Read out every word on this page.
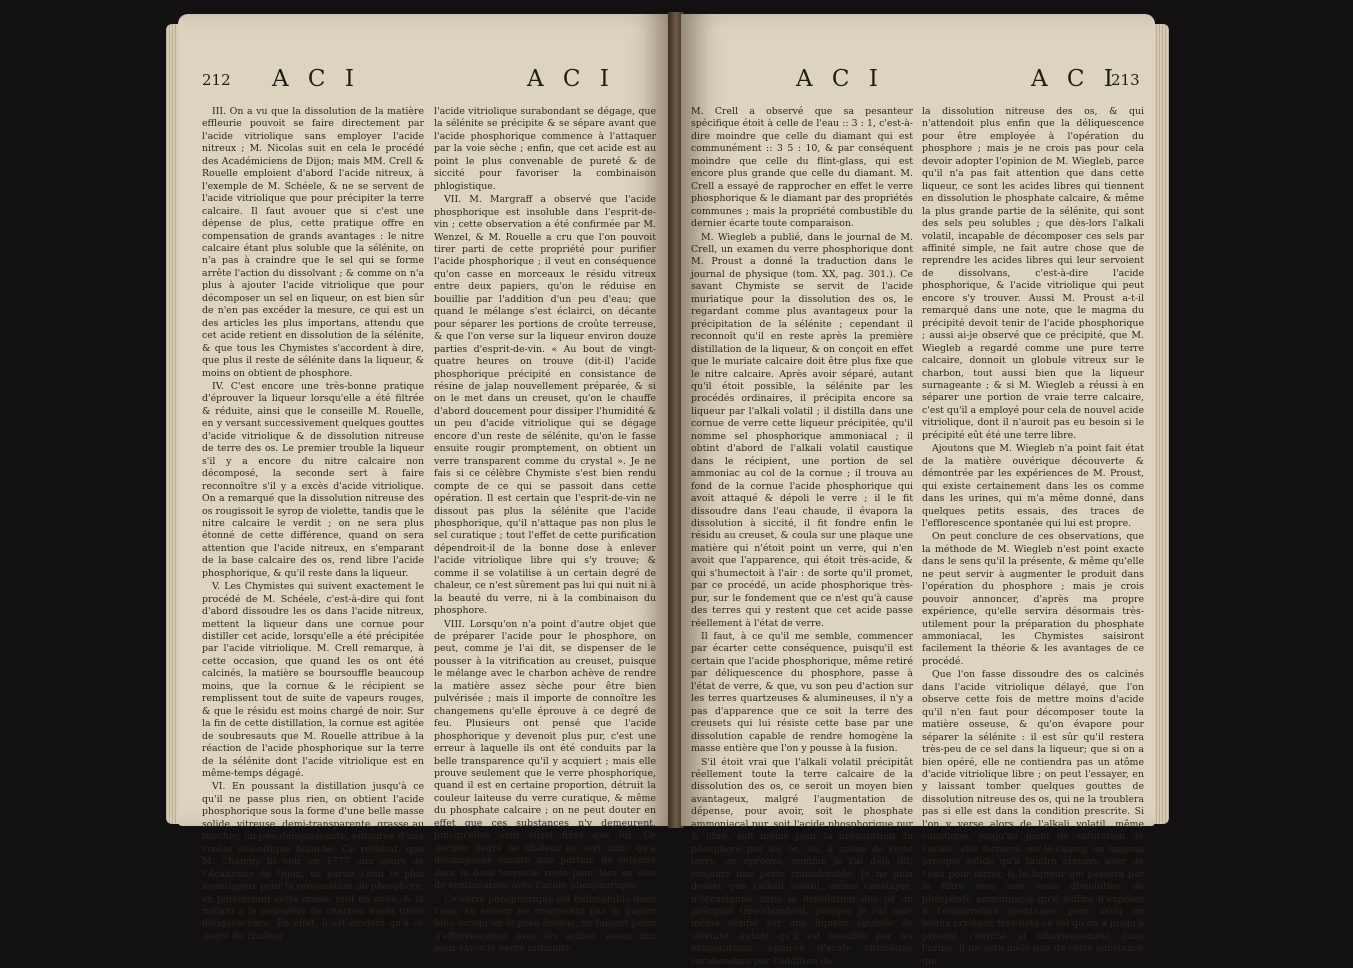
212 A C I	A C I

III. On a vu que la dissolution de la matière effleurie pouvoit se faire directement par l'acide vitriolique sans employer l'acide nitreux ; M. Nicolas suit en cela le procédé des Académiciens de Dijon; mais MM. Crell & Rouelle emploient d'abord l'acide nitreux, à l'exemple de M. Schéele, & ne se servent de l'acide vitriolique que pour précipiter la terre calcaire. Il faut avouer que si c'est une dépense de plus, cette pratique offre en compensation de grands avantages : le nitre calcaire étant plus soluble que la sélénite, on n'a pas à craindre que le sel qui se forme arrête l'action du dissolvant ; & comme on n'a plus à ajouter l'acide vitriolique que pour décomposer un sel en liqueur, on est bien sûr de n'en pas excéder la mesure, ce qui est un des articles les plus importans, attendu que cet acide retient en dissolution de la sélénite, & que tous les Chymistes s'accordent à dire, que plus il reste de sélénite dans la liqueur, & moins on obtient de phosphore.

IV. C'est encore une très-bonne pratique d'éprouver la liqueur lorsqu'elle a été filtrée & réduite, ainsi que le conseille M. Rouelle, en y versant successivement quelques gouttes d'acide vitriolique & de dissolution nitreuse de terre des os. Le premier trouble la liqueur s'il y a encore du nitre calcaire non décomposé, la seconde sert à faire reconnoître s'il y a excès d'acide vitriolique. On a remarqué que la dissolution nitreuse des os rougissoit le syrop de violette, tandis que le nitre calcaire le verdit ; on ne sera plus étonné de cette différence, quand on sera attention que l'acide nitreux, en s'emparant de la base calcaire des os, rend libre l'acide phosphorique, & qu'il reste dans la liqueur.

V. Les Chymistes qui suivent exactement le procédé de M. Schéele, c'est-à-dire qui font d'abord dissoudre les os dans l'acide nitreux, mettent la liqueur dans une cornue pour distiller cet acide, lorsqu'elle a été précipitée par l'acide vitriolique. M. Crell remarque, à cette occasion, que quand les os ont été calcinés, la matière se boursouffle beaucoup moins, que la cornue & le récipient se remplissent tout de suite de vapeurs rouges, & que le résidu est moins chargé de noir. Sur la fin de cette distillation, la cornue est agitée de soubresauts que M. Rouelle attribue à la réaction de l'acide phosphorique sur la terre de la sélénite dont l'acide vitriolique est en même-temps dégagé.

VI. En poussant la distillation jusqu'à ce qu'il ne passe plus rien, on obtient l'acide phosphorique sous la forme d'une belle masse solide, vitreuse, demi-transparente, grasse au toucher, un peu déliquescente, entourée d'une croûte sélénitique blanche. Ce résultat, que M. Champy fit voir en 1777 aux cours de l'Académie de Dijon, ne paroît l'état le plus avantageux pour la préparation du phosphore, en pulvérisant cette masse tout de suite, & la mêlant à la poussière de charbon avant toute déliquescence. En effet, il est évident qu'à ce degré de chaleur

l'acide vitriolique surabondant se dégage, que la sélénite se précipite & se sépare avant que l'acide phosphorique commence à l'attaquer par la voie sèche ; enfin, que cet acide est au point le plus convenable de pureté & de siccité pour favoriser la combinaison phlogistique.

VII. M. Margraff a observé que l'acide phosphorique est insoluble dans l'esprit-de-vin ; cette observation a été confirmée par M. Wenzel, & M. Rouelle a cru que l'on pouvoit tirer parti de cette propriété pour purifier l'acide phosphorique ; il veut en conséquence qu'on casse en morceaux le résidu vitreux entre deux papiers, qu'on le réduise en bouillie par l'addition d'un peu d'eau; que quand le mélange s'est éclairci, on décante pour séparer les portions de croûte terreuse, & que l'on verse sur la liqueur environ douze parties d'esprit-de-vin. « Au bout de vingt-quatre heures on trouve (dit-il) l'acide phosphorique précipité en consistance de résine de jalap nouvellement préparée, & si on le met dans un creuset, qu'on le chauffe d'abord doucement pour dissiper l'humidité & un peu d'acide vitriolique qui se dégage encore d'un reste de sélénite, qu'on le fasse ensuite rougir promptement, on obtient un verre transparent comme du crystal ». Je ne fais si ce célèbre Chymiste s'est bien rendu compte de ce qui se passoit dans cette opération. Il est certain que l'esprit-de-vin ne dissout pas plus la sélénite que l'acide phosphorique, qu'il n'attaque pas non plus le sel curatique ; tout l'effet de cette purification dépendroit-il de la bonne dose à enlever l'acide vitriolique libre qui s'y trouve; & comme il se volatilise à un certain degré de chaleur, ce n'est sûrement pas lui qui nuit ni à la beauté du verre, ni à la combinaison du phosphore.

VIII. Lorsqu'on n'a point d'autre objet que de préparer l'acide pour le phosphore, on peut, comme je l'ai dit, se dispenser de le pousser à la vitrification au creuset, puisque le mélange avec le charbon achève de rendre la matière assez sèche pour être bien pulvérisée ; mais il importe de connoître les changemens qu'elle éprouve à ce degré de feu. Plusieurs ont pensé que l'acide phosphorique y devenoit plus pur, c'est une erreur à laquelle ils ont été conduits par la belle transparence qu'il y acquiert ; mais elle prouve seulement que le verre phosphorique, quand il est en certaine proportion, détruit la couleur laiteuse du verre curatique, & même du phosphate calcaire ; on ne peut douter en effet que ces substances n'y demeurent, puisqu'elles sont aussi fixes que lui. Ce dernier degré de chaleur ne sert donc qu'à décomposer encore une portion de sélénite dont la base terreuse reste pour lors en état de combinaison avec l'acide phosphorique.

Ce verre phosphorique est indissoluble dans l'eau, sa saveur ne rougissant pas le papier bleu lorsqu'on le pose dessus, ne faisant point d'effervescence avec les acides, assez dur pour rayer le verre ordinaire.

A C I	A C I
213

M. Crell a observé que sa pesanteur spécifique étoit à celle de l'eau :: 3 : 1, c'est-à-dire moindre que celle du diamant qui est communément :: 3 5 : 10, & par conséquent moindre que celle du flint-glass, qui est encore plus grande que celle du diamant. M. Crell a essayé de rapprocher en effet le verre phosphorique & le diamant par des propriétés communes ; mais la propriété combustible du dernier écarte toute comparaison.

M. Wiegleb a publié, dans le journal de M. Crell, un examen du verre phosphorique dont M. Proust a donné la traduction dans le journal de physique (tom. XX, pag. 301.). Ce savant Chymiste se servit de l'acide muriatique pour la dissolution des os, le regardant comme plus avantageux pour la précipitation de la sélénite ; cependant il reconnoît qu'il en reste après la première distillation de la liqueur, & on conçoit en effet que le muriate calcaire doit être plus fixe que le nitre calcaire. Après avoir séparé, autant qu'il étoit possible, la sélénite par les procédés ordinaires, il précipita encore sa liqueur par l'alkali volatil ; il distilla dans une cornue de verre cette liqueur précipitée, qu'il nomme sel phosphorique ammoniacal ; il obtint d'abord de l'alkali volatil caustique dans le récipient, une portion de sel ammoniac au col de la cornue ; il trouva au fond de la cornue l'acide phosphorique qui avoit attaqué & dépoli le verre ; il le fit dissoudre dans l'eau chaude, il évapora la dissolution à siccité, il fit fondre enfin le résidu au creuset, & coula sur une plaque une matière qui n'étoit point un verre, qui n'en avoit que l'apparence, qui étoit très-acide, & qui s'humectoit à l'air : de sorte qu'il promet, par ce procédé, un acide phosphorique très-pur, sur le fondement que ce n'est qu'à cause des terres qui y restent que cet acide passe réellement à l'état de verre.

Il faut, à ce qu'il me semble, commencer par écarter cette conséquence, puisqu'il est certain que l'acide phosphorique, même retiré par déliquescence du phosphore, passe à l'état de verre, & que, vu son peu d'action sur les terres quartzeuses & alumineuses, il n'y a pas d'apparence que ce soit la terre des creusets qui lui résiste cette base par une dissolution capable de rendre homogène la masse entière que l'on y pousse à la fusion.

S'il étoit vrai que l'alkali volatil précipitât réellement toute la terre calcaire de la dissolution des os, ce seroit un moyen bien avantageux, malgré l'augmentation de dépense, pour avoir, soit le phosphate ammoniacal pur, soit l'acide phosphorique pur & libre, soit même pour la préparation du phosphore par les os, où, à cause de cette terre, on éprouve, comme je l'ai déjà dit, toujours une perte considérable. Je ne puis douter que l'alkali volatil, même caustique, n'occasionne dans la dissolution des os un précipité très-abondant, puisque je l'ai moi-même vérifié sur une liqueur épuisée de sélénite, autant qu'il est possible par les évaporations, épuisée d'acide vitriolique surabondant par l'addition de

la dissolution nitreuse des os, & qui n'attendoit plus enfin que la déliquescence pour être employée à l'opération du phosphore ; mais je ne crois pas pour cela devoir adopter l'opinion de M. Wiegleb, parce qu'il n'a pas fait attention que dans cette liqueur, ce sont les acides libres qui tiennent en dissolution le phosphate calcaire, & même la plus grande partie de la sélénite, qui sont des sels peu solubles ; que dès-lors l'alkali volatil, incapable de décomposer ces sels par affinité simple, ne fait autre chose que de reprendre les acides libres qui leur servoient de dissolvans, c'est-à-dire l'acide phosphorique, & l'acide vitriolique qui peut encore s'y trouver. Aussi M. Proust a-t-il remarqué dans une note, que le magma du précipité devoit tenir de l'acide phosphorique ; aussi ai-je observé que ce précipité, que M. Wiegleb a regardé comme une pure terre calcaire, donnoit un globule vitreux sur le charbon, tout aussi bien que la liqueur surnageante ; & si M. Wiegleb a réussi à en séparer une portion de vraie terre calcaire, c'est qu'il a employé pour cela de nouvel acide vitriolique, dont il n'auroit pas eu besoin si le précipité eût été une terre libre.

Ajoutons que M. Wiegleb n'a point fait état de la matière ouvérique découverte & démontrée par les expériences de M. Proust, qui existe certainement dans les os comme dans les urines, qui m'a même donné, dans quelques petits essais, des traces de l'efflorescence spontanée qui lui est propre.

On peut conclure de ces observations, que la méthode de M. Wiegleb n'est point exacte dans le sens qu'il la présente, & même qu'elle ne peut servir à augmenter le produit dans l'opération du phosphore ; mais je crois pouvoir annoncer, d'après ma propre expérience, qu'elle servira désormais très-utilement pour la préparation du phosphate ammoniacal, les Chymistes saisiront facilement la théorie & les avantages de ce procédé.

Que l'on fasse dissoudre des os calcinés dans l'acide vitriolique délayé, que l'on observe cette fois de mettre moins d'acide qu'il n'en faut pour décomposer toute la matière osseuse, & qu'on évapore pour séparer la sélénite : il est sûr qu'il restera très-peu de ce sel dans la liqueur; que si on a bien opéré, elle ne contiendra pas un atôme d'acide vitriolique libre ; on peut l'essayer, en y laissant tomber quelques gouttes de dissolution nitreuse des os, qui ne la troublera pas si elle est dans la condition prescrite. Si l'on y verse alors de l'alkali volatil, même caustique, jusqu'au point de saturation de l'acide, elle formera sur-le-champ un magma presque solide qu'il faudra étendre avec de l'eau pour filtrer, & la liqueur qui passera par le filtre sera une vraie dissolution de phosphate ammoniacal qu'il suffira d'exposer à l'évaporation spontanée, pour avoir en beaux crystaux très-nets ce sel qu'on a jusqu'à présent cherché si laborieusement dans l'urine; il ne sera mêlé que de cette substance qui
